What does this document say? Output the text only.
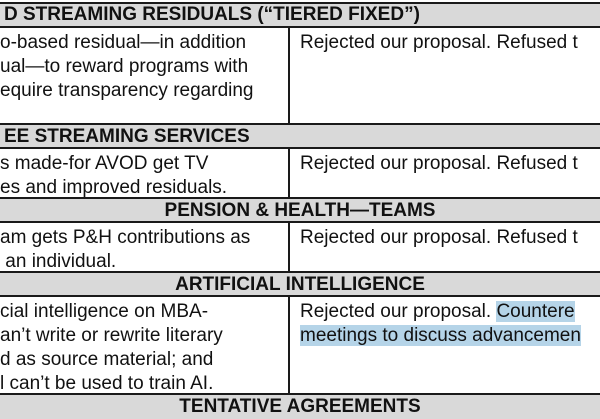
D STREAMING RESIDUALS (“TIERED FIXED”)
o-based residual—in addition
ual—to reward programs with
equire transparency regarding
Rejected our proposal. Refused t
EE STREAMING SERVICES
s made-for AVOD get TV
es and improved residuals.
Rejected our proposal. Refused t
PENSION & HEALTH—TEAMS
am gets P&H contributions as
an individual.
Rejected our proposal. Refused t
ARTIFICIAL INTELLIGENCE
cial intelligence on MBA-
an’t write or rewrite literary
d as source material; and
l can’t be used to train AI.
Rejected our proposal. Countere
meetings to discuss advancemen
TENTATIVE AGREEMENTS
